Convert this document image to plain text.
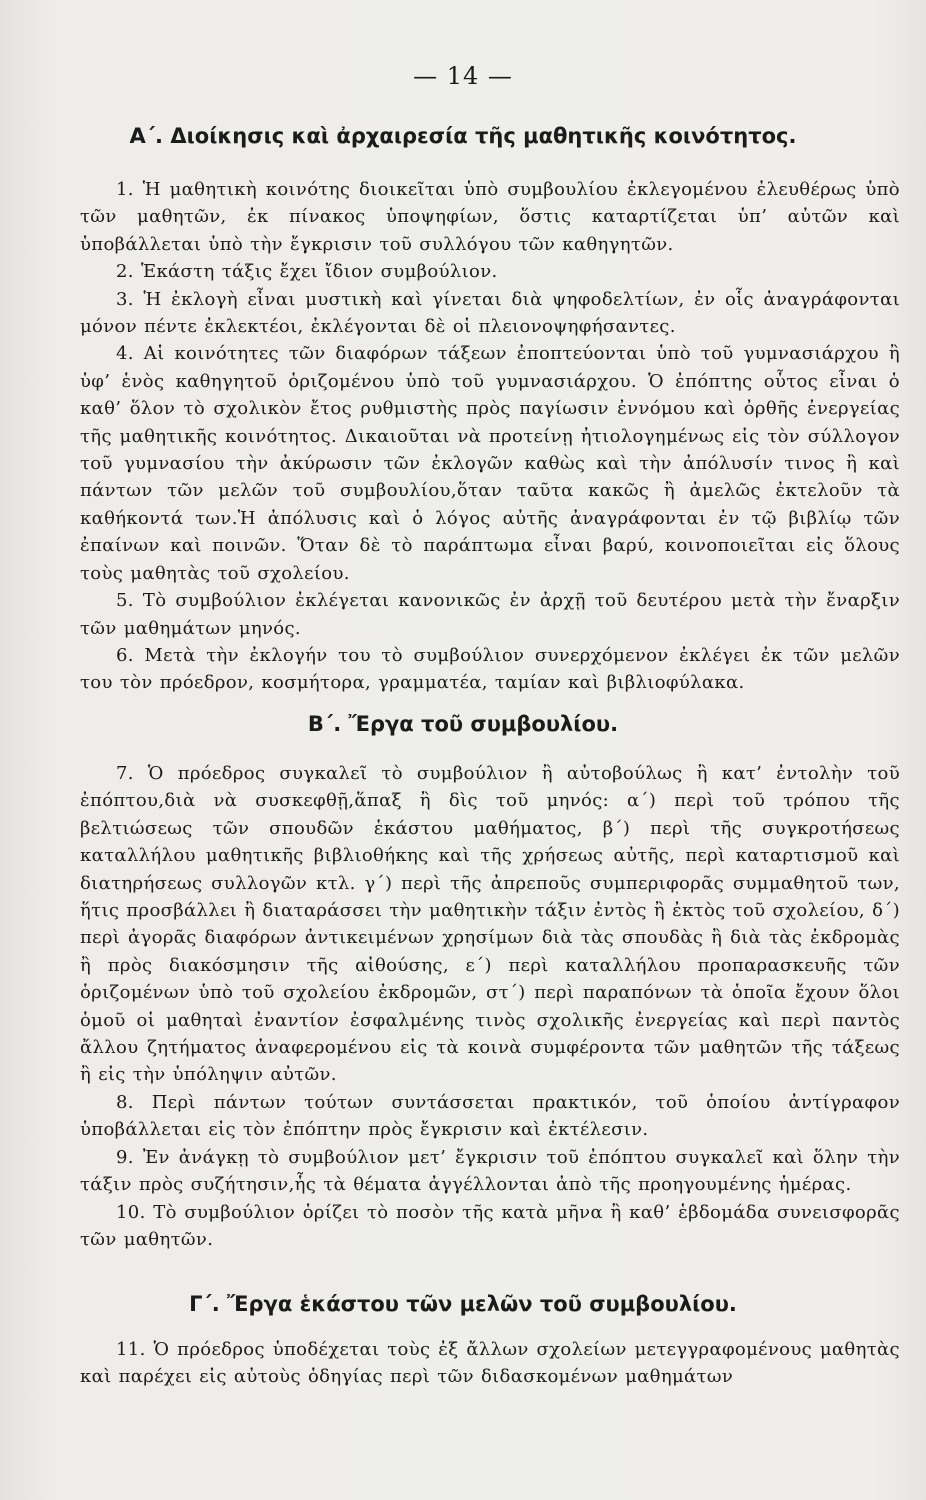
— 14 —
Α΄. Διοίκησις καὶ ἀρχαιρεσία τῆς μαθητικῆς κοινότητος.

1. Ἡ μαθητικὴ κοινότης διοικεῖται ὑπὸ συμβουλίου ἐκλεγομένου ἐλευθέρως ὑπὸ τῶν μαθητῶν, ἐκ πίνακος ὑποψηφίων, ὅστις καταρτίζεται ὑπ’ αὐτῶν καὶ ὑποβάλλεται ὑπὸ τὴν ἔγκρισιν τοῦ συλλόγου τῶν καθηγητῶν.

2. Ἑκάστη τάξις ἔχει ἴδιον συμβούλιον.

3. Ἡ ἐκλογὴ εἶναι μυστικὴ καὶ γίνεται διὰ ψηφοδελτίων, ἐν οἷς ἀναγράφονται μόνον πέντε ἐκλεκτέοι, ἐκλέγονται δὲ οἱ πλειονοψηφήσαντες.

4. Αἱ κοινότητες τῶν διαφόρων τάξεων ἐποπτεύονται ὑπὸ τοῦ γυμνασιάρχου ἢ ὑφ’ ἑνὸς καθηγητοῦ ὁριζομένου ὑπὸ τοῦ γυμνασιάρχου. Ὁ ἐπόπτης οὗτος εἶναι ὁ καθ’ ὅλον τὸ σχολικὸν ἔτος ρυθμιστὴς πρὸς παγίωσιν ἐννόμου καὶ ὀρθῆς ἐνεργείας τῆς μαθητικῆς κοινότητος. Δικαιοῦται νὰ προτείνῃ ἠτιολογημένως εἰς τὸν σύλλογον τοῦ γυμνασίου τὴν ἀκύρωσιν τῶν ἐκλογῶν καθὼς καὶ τὴν ἀπόλυσίν τινος ἢ καὶ πάντων τῶν μελῶν τοῦ συμβουλίου,ὅταν ταῦτα κακῶς ἢ ἀμελῶς ἐκτελοῦν τὰ καθήκοντά των.Ἡ ἀπόλυσις καὶ ὁ λόγος αὐτῆς ἀναγράφονται ἐν τῷ βιβλίῳ τῶν ἐπαίνων καὶ ποινῶν. Ὅταν δὲ τὸ παράπτωμα εἶναι βαρύ, κοινοποιεῖται εἰς ὅλους τοὺς μαθητὰς τοῦ σχολείου.

5. Τὸ συμβούλιον ἐκλέγεται κανονικῶς ἐν ἀρχῇ τοῦ δευτέρου μετὰ τὴν ἔναρξιν τῶν μαθημάτων μηνός.

6. Μετὰ τὴν ἐκλογήν του τὸ συμβούλιον συνερχόμενον ἐκλέγει ἐκ τῶν μελῶν του τὸν πρόεδρον, κοσμήτορα, γραμματέα, ταμίαν καὶ βιβλιοφύλακα.

Β΄. Ἔργα τοῦ συμβουλίου.

7. Ὁ πρόεδρος συγκαλεῖ τὸ συμβούλιον ἢ αὐτοβούλως ἢ κατ’ ἐντολὴν τοῦ ἐπόπτου,διὰ νὰ συσκεφθῇ,ἅπαξ ἢ δὶς τοῦ μηνός: α΄) περὶ τοῦ τρόπου τῆς βελτιώσεως τῶν σπουδῶν ἑκάστου μαθήματος, β΄) περὶ τῆς συγκροτήσεως καταλλήλου μαθητικῆς βιβλιοθήκης καὶ τῆς χρήσεως αὐτῆς, περὶ καταρτισμοῦ καὶ διατηρήσεως συλλογῶν κτλ. γ΄) περὶ τῆς ἀπρεποῦς συμπεριφορᾶς συμμαθητοῦ των, ἥτις προσβάλλει ἢ διαταράσσει τὴν μαθητικὴν τάξιν ἐντὸς ἢ ἐκτὸς τοῦ σχολείου, δ΄) περὶ ἀγορᾶς διαφόρων ἀντικειμένων χρησίμων διὰ τὰς σπουδὰς ἢ διὰ τὰς ἐκδρομὰς ἢ πρὸς διακόσμησιν τῆς αἰθούσης, ε΄) περὶ καταλλήλου προπαρασκευῆς τῶν ὁριζομένων ὑπὸ τοῦ σχολείου ἐκδρομῶν, στ΄) περὶ παραπόνων τὰ ὁποῖα ἔχουν ὅλοι ὁμοῦ οἱ μαθηταὶ ἐναντίον ἐσφαλμένης τινὸς σχολικῆς ἐνεργείας καὶ περὶ παντὸς ἄλλου ζητήματος ἀναφερομένου εἰς τὰ κοινὰ συμφέροντα τῶν μαθητῶν τῆς τάξεως ἢ εἰς τὴν ὑπόληψιν αὐτῶν.

8. Περὶ πάντων τούτων συντάσσεται πρακτικόν, τοῦ ὁποίου ἀντίγραφον ὑποβάλλεται εἰς τὸν ἐπόπτην πρὸς ἔγκρισιν καὶ ἐκτέλεσιν.

9. Ἐν ἀνάγκῃ τὸ συμβούλιον μετ’ ἔγκρισιν τοῦ ἐπόπτου συγκαλεῖ καὶ ὅλην τὴν τάξιν πρὸς συζήτησιν,ἧς τὰ θέματα ἀγγέλλονται ἀπὸ τῆς προηγουμένης ἡμέρας.

10. Τὸ συμβούλιον ὁρίζει τὸ ποσὸν τῆς κατὰ μῆνα ἢ καθ’ ἑβδομάδα συνεισφορᾶς τῶν μαθητῶν.

Γ΄. Ἔργα ἑκάστου τῶν μελῶν τοῦ συμβουλίου.

11. Ὁ πρόεδρος ὑποδέχεται τοὺς ἐξ ἄλλων σχολείων μετεγγραφομένους μαθητὰς καὶ παρέχει εἰς αὐτοὺς ὁδηγίας περὶ τῶν διδασκομένων μαθημάτων
